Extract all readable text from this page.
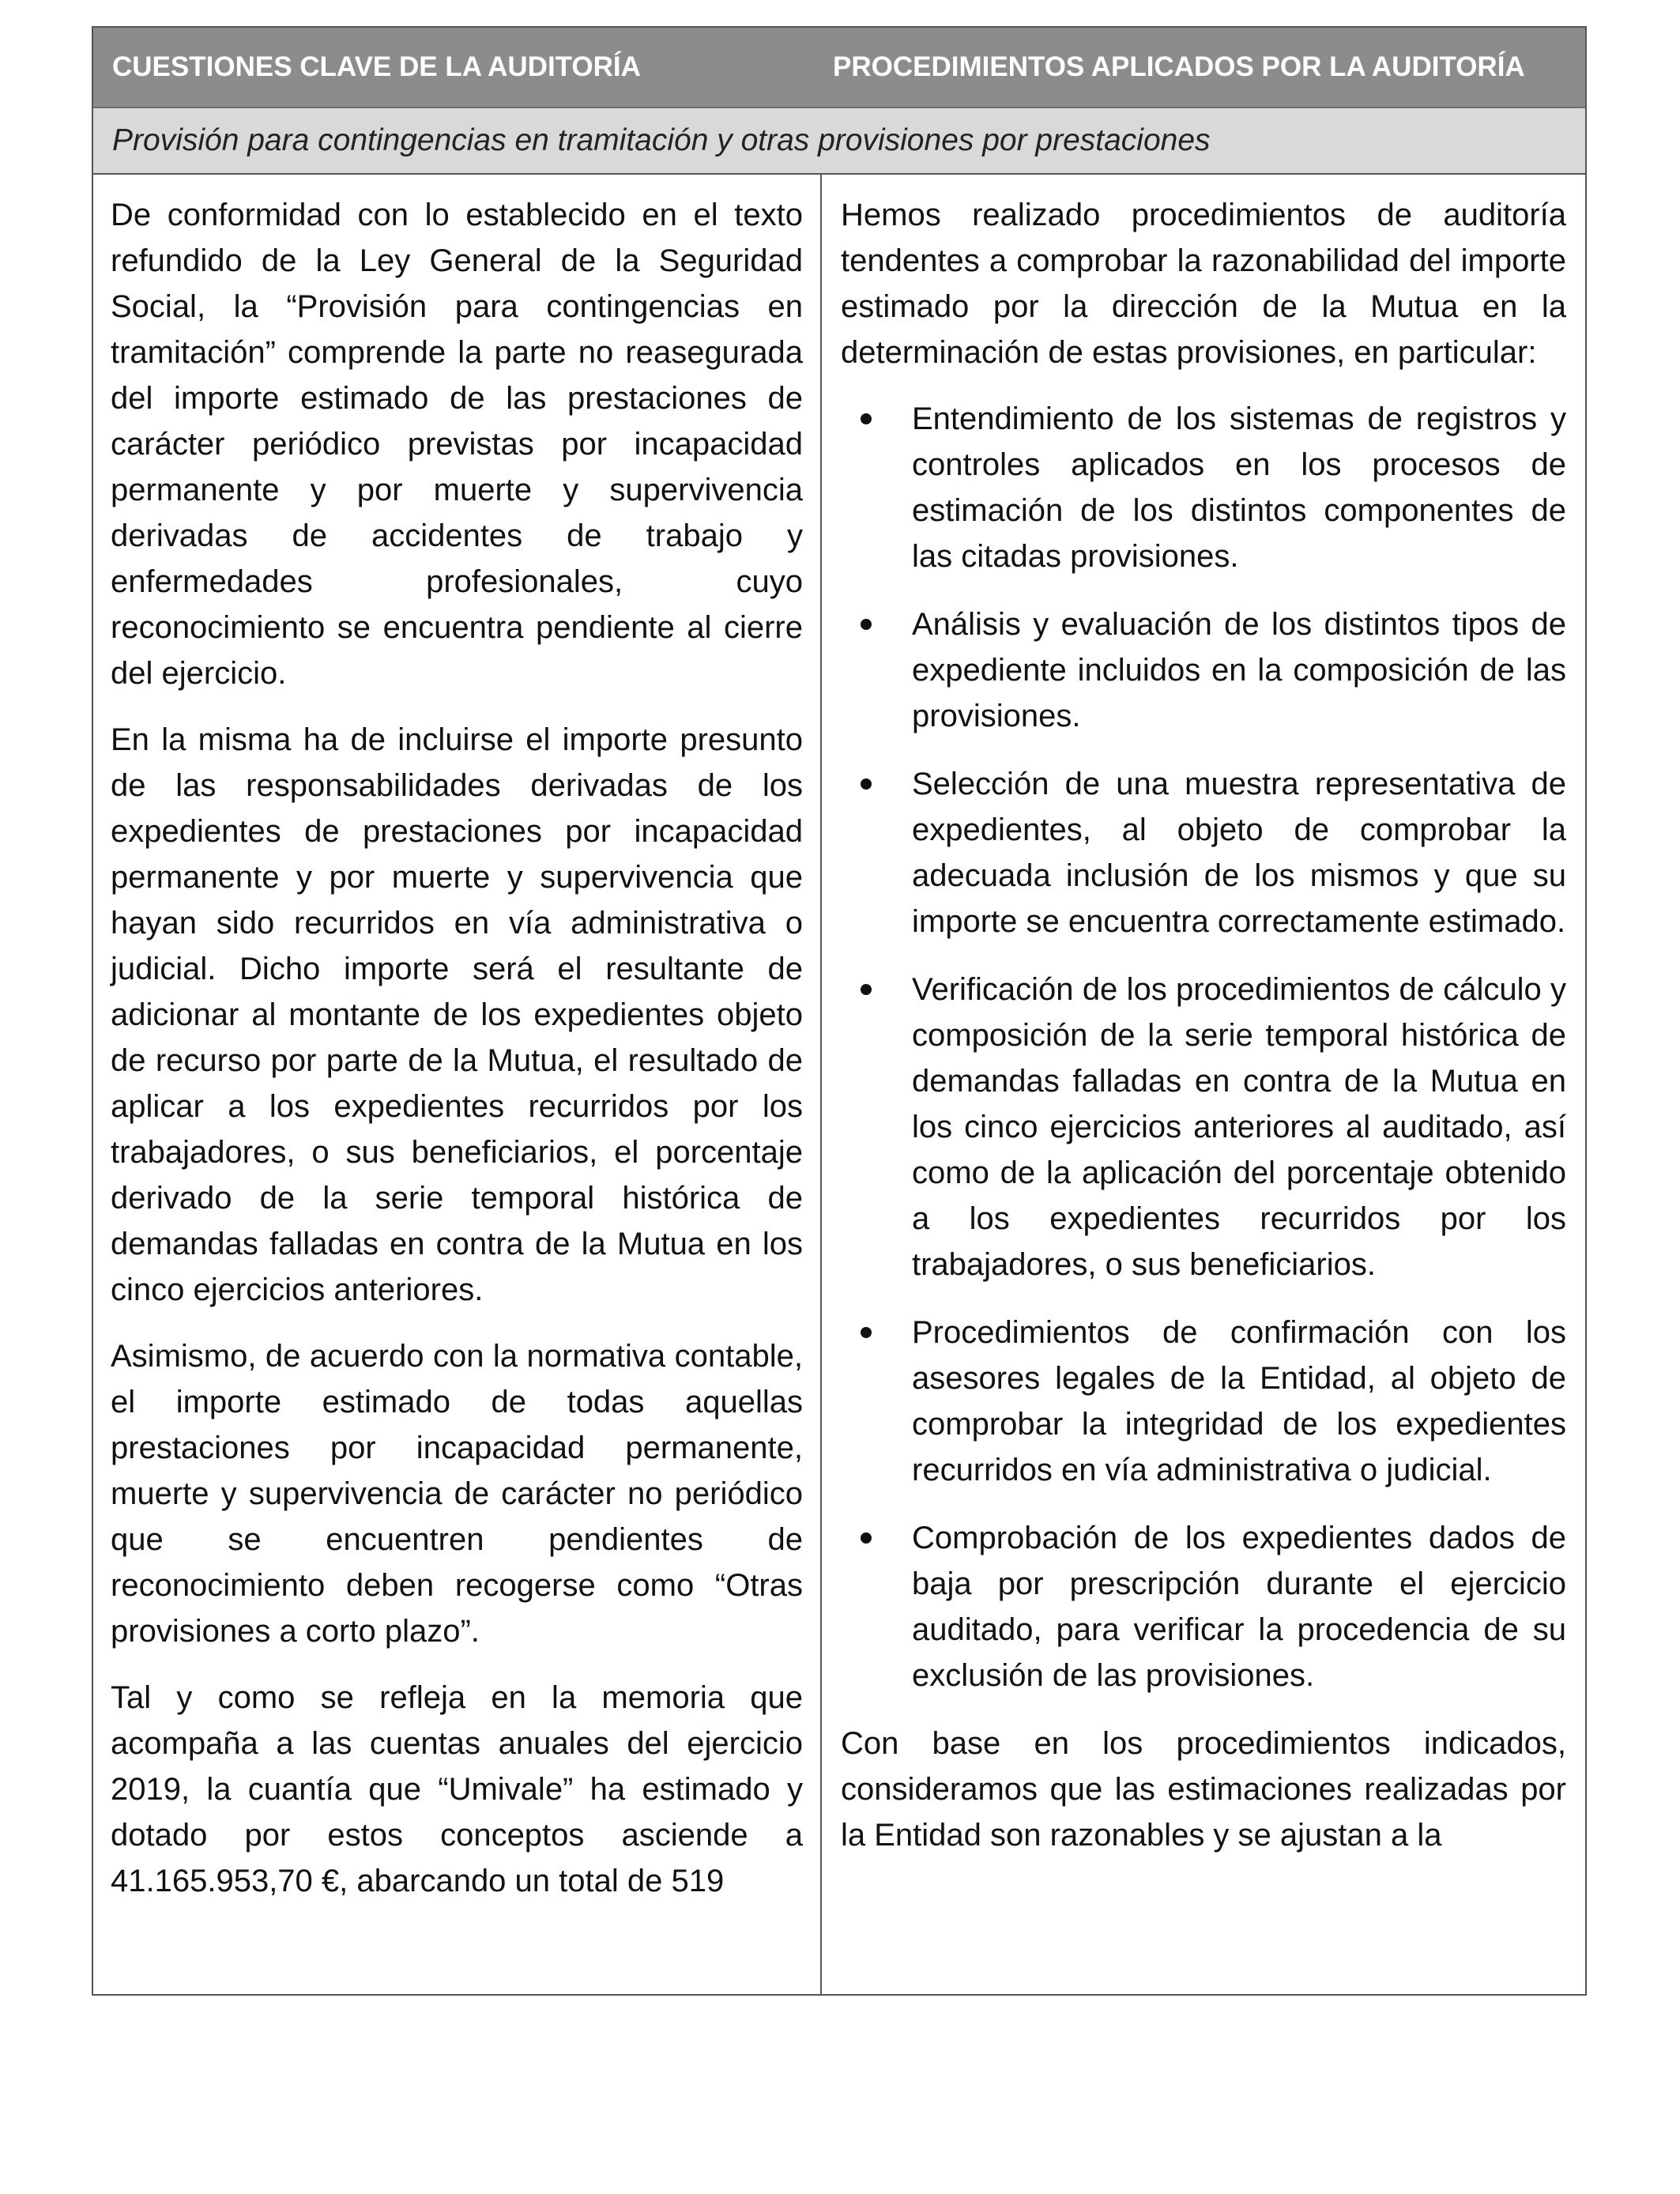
CUESTIONES CLAVE DE LA AUDITORÍA	PROCEDIMIENTOS APLICADOS POR LA AUDITORÍA
Provisión para contingencias en tramitación y otras provisiones por prestaciones

De conformidad con lo establecido en el texto refundido de la Ley General de la Seguridad Social, la “Provisión para contingencias en tramitación” comprende la parte no reasegurada del importe estimado de las prestaciones de carácter periódico previstas por incapacidad permanente y por muerte y supervivencia derivadas de accidentes de trabajo y enfermedades profesionales, cuyo reconocimiento se encuentra pendiente al cierre del ejercicio.

En la misma ha de incluirse el importe presunto de las responsabilidades derivadas de los expedientes de prestaciones por incapacidad permanente y por muerte y supervivencia que hayan sido recurridos en vía administrativa o judicial. Dicho importe será el resultante de adicionar al montante de los expedientes objeto de recurso por parte de la Mutua, el resultado de aplicar a los expedientes recurridos por los trabajadores, o sus beneficiarios, el porcentaje derivado de la serie temporal histórica de demandas falladas en contra de la Mutua en los cinco ejercicios anteriores.

Asimismo, de acuerdo con la normativa contable, el importe estimado de todas aquellas prestaciones por incapacidad permanente, muerte y supervivencia de carácter no periódico que se encuentren pendientes de reconocimiento deben recogerse como “Otras provisiones a corto plazo”.

Tal y como se refleja en la memoria que acompaña a las cuentas anuales del ejercicio 2019, la cuantía que “Umivale” ha estimado y dotado por estos conceptos asciende a 41.165.953,70 €, abarcando un total de 519

Hemos realizado procedimientos de auditoría tendentes a comprobar la razonabilidad del importe estimado por la dirección de la Mutua en la determinación de estas provisiones, en particular:

Entendimiento de los sistemas de registros y controles aplicados en los procesos de estimación de los distintos componentes de las citadas provisiones.
Análisis y evaluación de los distintos tipos de expediente incluidos en la composición de las provisiones.
Selección de una muestra representativa de expedientes, al objeto de comprobar la adecuada inclusión de los mismos y que su importe se encuentra correctamente estimado.
Verificación de los procedimientos de cálculo y composición de la serie temporal histórica de demandas falladas en contra de la Mutua en los cinco ejercicios anteriores al auditado, así como de la aplicación del porcentaje obtenido a los expedientes recurridos por los trabajadores, o sus beneficiarios.
Procedimientos de confirmación con los asesores legales de la Entidad, al objeto de comprobar la integridad de los expedientes recurridos en vía administrativa o judicial.
Comprobación de los expedientes dados de baja por prescripción durante el ejercicio auditado, para verificar la procedencia de su exclusión de las provisiones.

Con base en los procedimientos indicados, consideramos que las estimaciones realizadas por la Entidad son razonables y se ajustan a la
